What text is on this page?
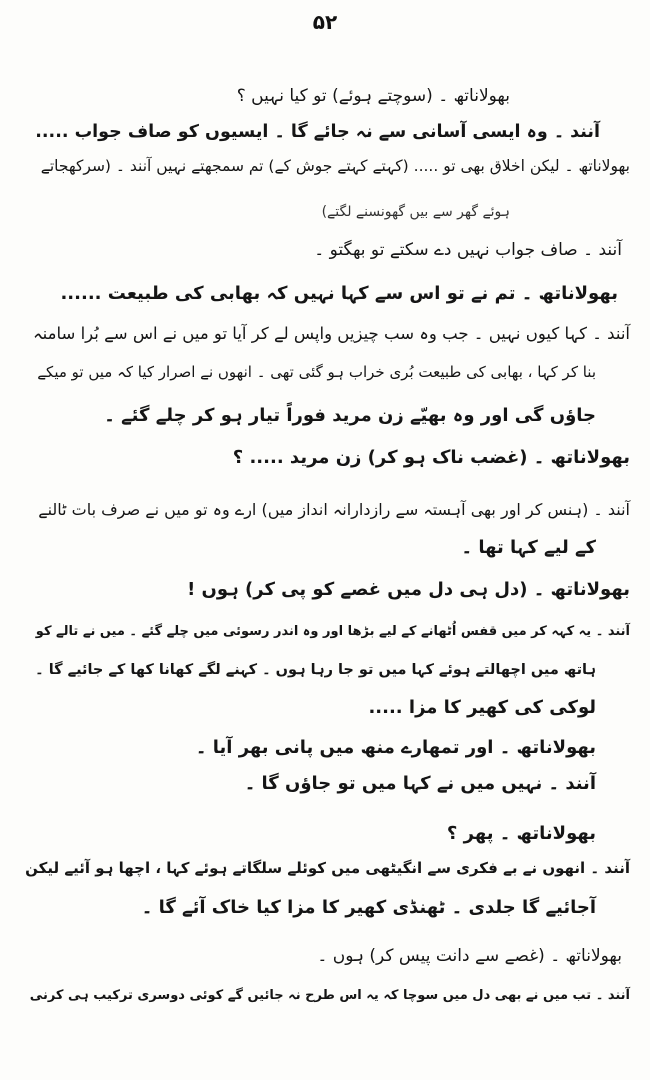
۵۲
بھولاناتھ ۔ (سوچتے ہوئے) تو کیا نہیں ؟
آنند ۔ وہ ایسی آسانی سے نہ جائے گا ۔ ایسیوں کو صاف جواب .....
بھولاناتھ ۔ لیکن اخلاق بھی تو ..... (کہتے کہتے جوش کے) تم سمجھتے نہیں آنند ۔ (سرکھجاتے
ہوئے گھر سے بیں گھونسنے لگتے)
آنند ۔ صاف جواب نہیں دے سکتے تو بھگتو ۔
بھولاناتھ ۔ تم نے تو اس سے کہا نہیں کہ بھابی کی طبیعت ......
آنند ۔ کہا کیوں نہیں ۔ جب وہ سب چیزیں واپس لے کر آیا تو میں نے اس سے بُرا سامنہ
بنا کر کہا ، بھابی کی طبیعت بُری خراب ہو گئی تھی ۔ انھوں نے اصرار کیا کہ میں تو میکے
جاؤں گی اور وہ بھیّے زن مرید فوراً تیار ہو کر چلے گئے ۔
بھولاناتھ ۔ (غضب ناک ہو کر) زن مرید ..... ؟
آنند ۔ (ہنس کر اور بھی آہستہ سے رازدارانہ انداز میں) ارے وہ تو میں نے صرف بات ٹالنے
کے لیے کہا تھا ۔
بھولاناتھ ۔ (دل ہی دل میں غصے کو پی کر) ہوں !
آنند ۔ یہ کہہ کر میں قفس اُٹھانے کے لیے بڑھا اور وہ اندر رسوئی میں چلے گئے ۔ میں نے تالے کو
ہاتھ میں اچھالتے ہوئے کہا میں تو جا رہا ہوں ۔ کہنے لگے کھانا کھا کے جائیے گا ۔
لوکی کی کھیر کا مزا .....
بھولاناتھ ۔ اور تمھارے منھ میں پانی بھر آیا ۔
آنند ۔ نہیں میں نے کہا میں تو جاؤں گا ۔
بھولاناتھ ۔ پھر ؟
آنند ۔ انھوں نے بے فکری سے انگیٹھی میں کوئلے سلگاتے ہوئے کہا ، اچھا ہو آئیے لیکن
آجائیے گا جلدی ۔ ٹھنڈی کھیر کا مزا کیا خاک آئے گا ۔
بھولاناتھ ۔ (غصے سے دانت پیس کر) ہوں ۔
آنند ۔ تب میں نے بھی دل میں سوچا کہ یہ اس طرح نہ جائیں گے کوئی دوسری ترکیب ہی کرنی
